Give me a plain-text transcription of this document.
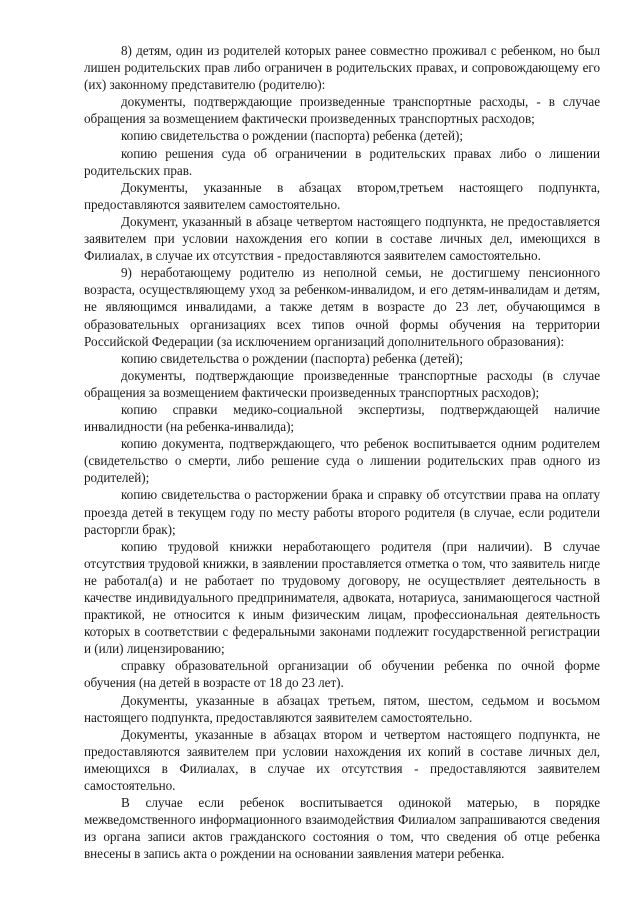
8) детям, один из родителей которых ранее совместно проживал с ребенком, но был лишен родительских прав либо ограничен в родительских правах, и сопровождающему его (их) законному представителю (родителю):

документы, подтверждающие произведенные транспортные расходы, - в случае обращения за возмещением фактически произведенных транспортных расходов;

копию свидетельства о рождении (паспорта) ребенка (детей);

копию решения суда об ограничении в родительских правах либо о лишении родительских прав.

Документы, указанные в абзацах втором,третьем настоящего подпункта, предоставляются заявителем самостоятельно.

Документ, указанный в абзаце четвертом настоящего подпункта, не предоставляется заявителем при условии нахождения его копии в составе личных дел, имеющихся в Филиалах, в случае их отсутствия - предоставляются заявителем самостоятельно.

9) неработающему родителю из неполной семьи, не достигшему пенсионного возраста, осуществляющему уход за ребенком-инвалидом, и его детям-инвалидам и детям, не являющимся инвалидами, а также детям в возрасте до 23 лет, обучающимся в образовательных организациях всех типов очной формы обучения на территории Российской Федерации (за исключением организаций дополнительного образования):

копию свидетельства о рождении (паспорта) ребенка (детей);

документы, подтверждающие произведенные транспортные расходы (в случае обращения за возмещением фактически произведенных транспортных расходов);

копию справки медико-социальной экспертизы, подтверждающей наличие инвалидности (на ребенка-инвалида);

копию документа, подтверждающего, что ребенок воспитывается одним родителем (свидетельство о смерти, либо решение суда о лишении родительских прав одного из родителей);

копию свидетельства о расторжении брака и справку об отсутствии права на оплату проезда детей в текущем году по месту работы второго родителя (в случае, если родители расторгли брак);

копию трудовой книжки неработающего родителя (при наличии). В случае отсутствия трудовой книжки, в заявлении проставляется отметка о том, что заявитель нигде не работал(а) и не работает по трудовому договору, не осуществляет деятельность в качестве индивидуального предпринимателя, адвоката, нотариуса, занимающегося частной практикой, не относится к иным физическим лицам, профессиональная деятельность которых в соответствии с федеральными законами подлежит государственной регистрации и (или) лицензированию;

справку образовательной организации об обучении ребенка по очной форме обучения (на детей в возрасте от 18 до 23 лет).

Документы, указанные в абзацах третьем, пятом, шестом, седьмом и восьмом настоящего подпункта, предоставляются заявителем самостоятельно.

Документы, указанные в абзацах втором и четвертом настоящего подпункта, не предоставляются заявителем при условии нахождения их копий в составе личных дел, имеющихся в Филиалах, в случае их отсутствия - предоставляются заявителем самостоятельно.

В случае если ребенок воспитывается одинокой матерью, в порядке межведомственного информационного взаимодействия Филиалом запрашиваются сведения из органа записи актов гражданского состояния о том, что сведения об отце ребенка внесены в запись акта о рождении на основании заявления матери ребенка.
